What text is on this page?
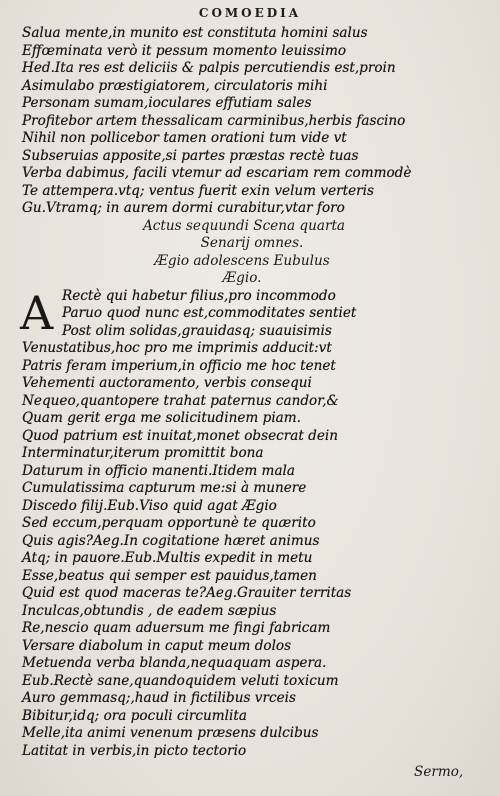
COMOEDIA
Salua mente,in munito est constituta homini salus
Effœminata verò it pessum momento leuissimo
Hed.Ita res est deliciis & palpis percutiendis est,proin
Asimulabo præstigiatorem, circulatoris mihi
Personam sumam,ioculares effutiam sales
Profitebor artem thessalicam carminibus,herbis fascino
Nihil non pollicebor tamen orationi tum vide vt
Subseruias apposite,si partes præstas rectè tuas
Verba dabimus, facili vtemur ad escariam rem commodè
Te attempera.vtq; ventus fuerit exin velum verteris
Gu.Vtramq; in aurem dormi curabitur,vtar foro
Actus sequundi Scena quarta
Senarij omnes.
Ægio adolescens Eubulus
Ægio.
A Rectè qui habetur filius,pro incommodo
Paruo quod nunc est,commoditates sentiet
Post olim solidas,grauidasq; suauisimis
Venustatibus,hoc pro me imprimis adducit:vt
Patris feram imperium,in officio me hoc tenet
Vehementi auctoramento, verbis consequi
Nequeo,quantopere trahat paternus candor,&
Quam gerit erga me solicitudinem piam.
Quod patrium est inuitat,monet obsecrat dein
Interminatur,iterum promittit bona
Daturum in officio manenti.Itidem mala
Cumulatissima capturum me:si à munere
Discedo filij.Eub.Viso quid agat Ægio
Sed eccum,perquam opportunè te quærito
Quis agis?Aeg.In cogitatione hæret animus
Atq; in pauore.Eub.Multis expedit in metu
Esse,beatus qui semper est pauidus,tamen
Quid est quod maceras te?Aeg.Grauiter territas
Inculcas,obtundis , de eadem sæpius
Re,nescio quam aduersum me fingi fabricam
Versare diabolum in caput meum dolos
Metuenda verba blanda,nequaquam aspera.
Eub.Rectè sane,quandoquidem veluti toxicum
Auro gemmasq;,haud in fictilibus vrceis
Bibitur,idq; ora poculi circumlita
Melle,ita animi venenum præsens dulcibus
Latitat in verbis,in picto tectorio
Sermo,
